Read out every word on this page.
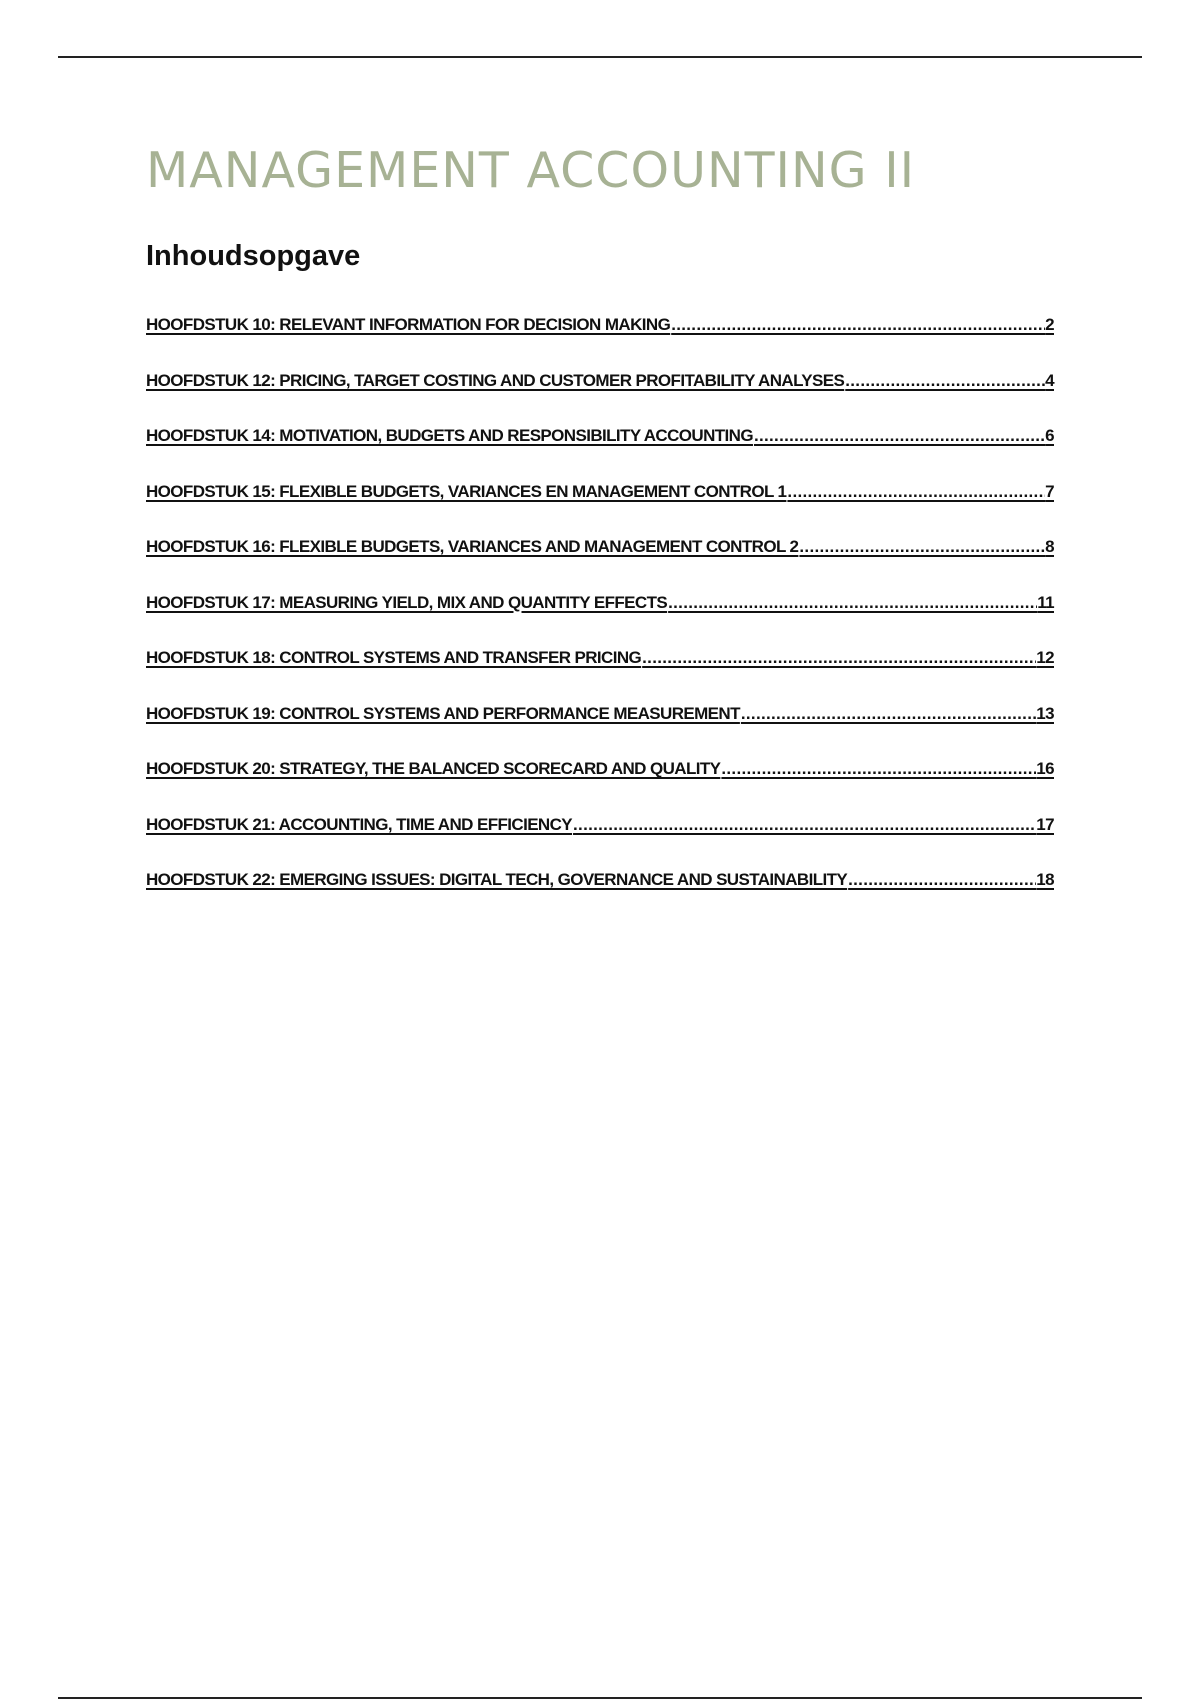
MANAGEMENT ACCOUNTING II
Inhoudsopgave
HOOFDSTUK 10: RELEVANT INFORMATION FOR DECISION MAKING .....	2
HOOFDSTUK 12: PRICING, TARGET COSTING AND CUSTOMER PROFITABILITY ANALYSES .....	4
HOOFDSTUK 14: MOTIVATION, BUDGETS AND RESPONSIBILITY ACCOUNTING .....	6
HOOFDSTUK 15: FLEXIBLE BUDGETS, VARIANCES EN MANAGEMENT CONTROL 1 .....	7
HOOFDSTUK 16: FLEXIBLE BUDGETS, VARIANCES AND MANAGEMENT CONTROL 2 .....	8
HOOFDSTUK 17: MEASURING YIELD, MIX AND QUANTITY EFFECTS .....	11
HOOFDSTUK 18: CONTROL SYSTEMS AND TRANSFER PRICING .....	12
HOOFDSTUK 19: CONTROL SYSTEMS AND PERFORMANCE MEASUREMENT .....	13
HOOFDSTUK 20: STRATEGY, THE BALANCED SCORECARD AND QUALITY .....	16
HOOFDSTUK 21: ACCOUNTING, TIME AND EFFICIENCY .....	17
HOOFDSTUK 22: EMERGING ISSUES: DIGITAL TECH, GOVERNANCE AND SUSTAINABILITY .....	18
